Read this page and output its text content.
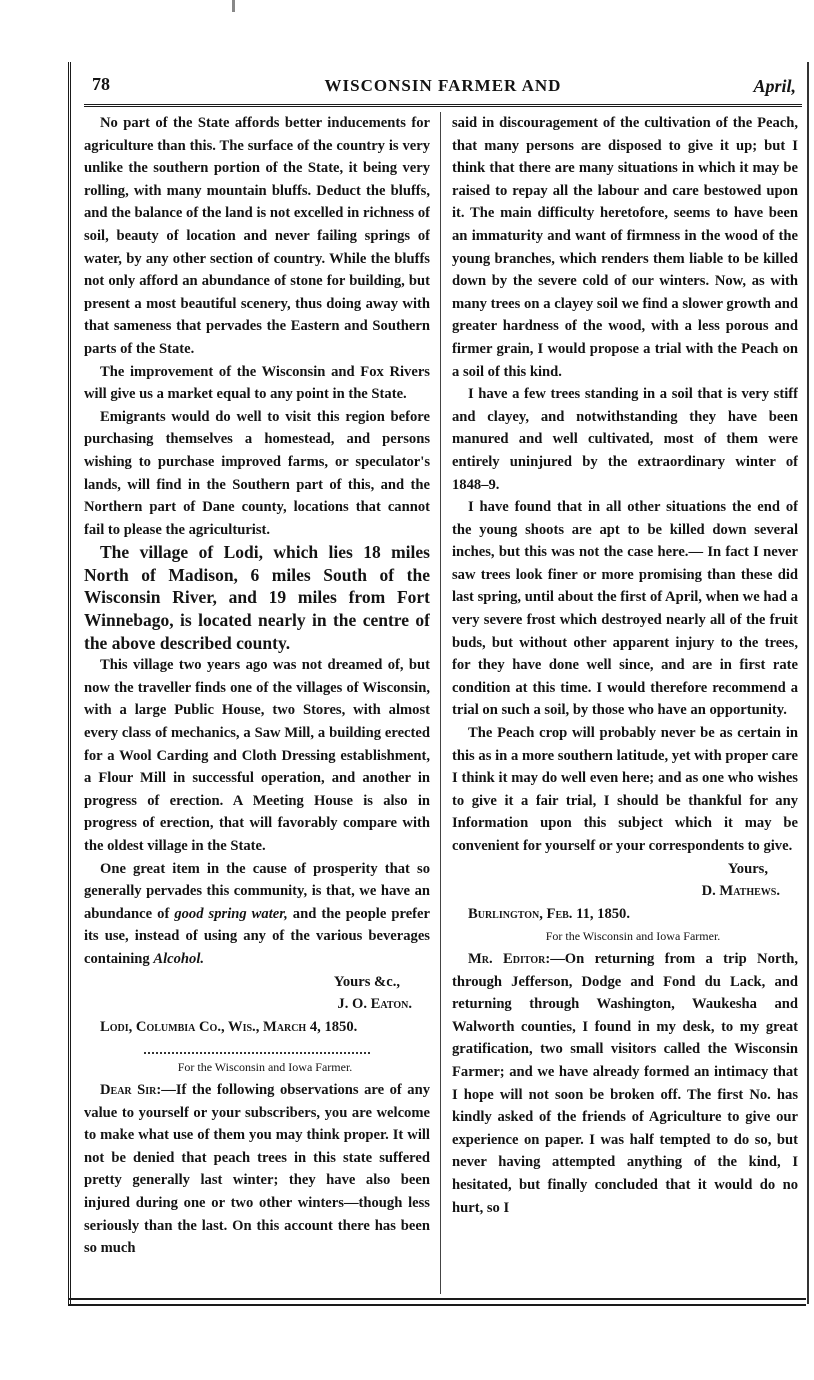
78	WISCONSIN FARMER AND	April,

No part of the State affords better inducements for agriculture than this. The surface of the country is very unlike the southern portion of the State, it being very rolling, with many mountain bluffs. Deduct the bluffs, and the balance of the land is not excelled in richness of soil, beauty of location and never failing springs of water, by any other section of country. While the bluffs not only afford an abundance of stone for building, but present a most beautiful scenery, thus doing away with that sameness that pervades the Eastern and Southern parts of the State.

The improvement of the Wisconsin and Fox Rivers will give us a market equal to any point in the State.

Emigrants would do well to visit this region before purchasing themselves a homestead, and persons wishing to purchase improved farms, or speculator's lands, will find in the Southern part of this, and the Northern part of Dane county, locations that cannot fail to please the agriculturist.

The village of Lodi, which lies 18 miles North of Madison, 6 miles South of the Wisconsin River, and 19 miles from Fort Winnebago, is located nearly in the centre of the above described county.

This village two years ago was not dreamed of, but now the traveller finds one of the villages of Wisconsin, with a large Public House, two Stores, with almost every class of mechanics, a Saw Mill, a building erected for a Wool Carding and Cloth Dressing establishment, a Flour Mill in successful operation, and another in progress of erection. A Meeting House is also in progress of erection, that will favorably compare with the oldest village in the State.

One great item in the cause of prosperity that so generally pervades this community, is that, we have an abundance of good spring water, and the people prefer its use, instead of using any of the various beverages containing Alcohol.

Yours &c.,

J. O. Eaton.

Lodi, Columbia Co., Wis., March 4, 1850.

For the Wisconsin and Iowa Farmer.

Dear Sir:—If the following observations are of any value to yourself or your subscribers, you are welcome to make what use of them you may think proper. It will not be denied that peach trees in this state suffered pretty generally last winter; they have also been injured during one or two other winters—though less seriously than the last. On this account there has been so much

said in discouragement of the cultivation of the Peach, that many persons are disposed to give it up; but I think that there are many situations in which it may be raised to repay all the labour and care bestowed upon it. The main difficulty heretofore, seems to have been an immaturity and want of firmness in the wood of the young branches, which renders them liable to be killed down by the severe cold of our winters. Now, as with many trees on a clayey soil we find a slower growth and greater hardness of the wood, with a less porous and firmer grain, I would propose a trial with the Peach on a soil of this kind.

I have a few trees standing in a soil that is very stiff and clayey, and notwithstanding they have been manured and well cultivated, most of them were entirely uninjured by the extraordinary winter of 1848–9.

I have found that in all other situations the end of the young shoots are apt to be killed down several inches, but this was not the case here.— In fact I never saw trees look finer or more promising than these did last spring, until about the first of April, when we had a very severe frost which destroyed nearly all of the fruit buds, but without other apparent injury to the trees, for they have done well since, and are in first rate condition at this time. I would therefore recommend a trial on such a soil, by those who have an opportunity.

The Peach crop will probably never be as certain in this as in a more southern latitude, yet with proper care I think it may do well even here; and as one who wishes to give it a fair trial, I should be thankful for any Information upon this subject which it may be convenient for yourself or your correspondents to give.

Yours,

D. Mathews.

Burlington, Feb. 11, 1850.

For the Wisconsin and Iowa Farmer.

Mr. Editor:—On returning from a trip North, through Jefferson, Dodge and Fond du Lack, and returning through Washington, Waukesha and Walworth counties, I found in my desk, to my great gratification, two small visitors called the Wisconsin Farmer; and we have already formed an intimacy that I hope will not soon be broken off. The first No. has kindly asked of the friends of Agriculture to give our experience on paper. I was half tempted to do so, but never having attempted anything of the kind, I hesitated, but finally concluded that it would do no hurt, so I
